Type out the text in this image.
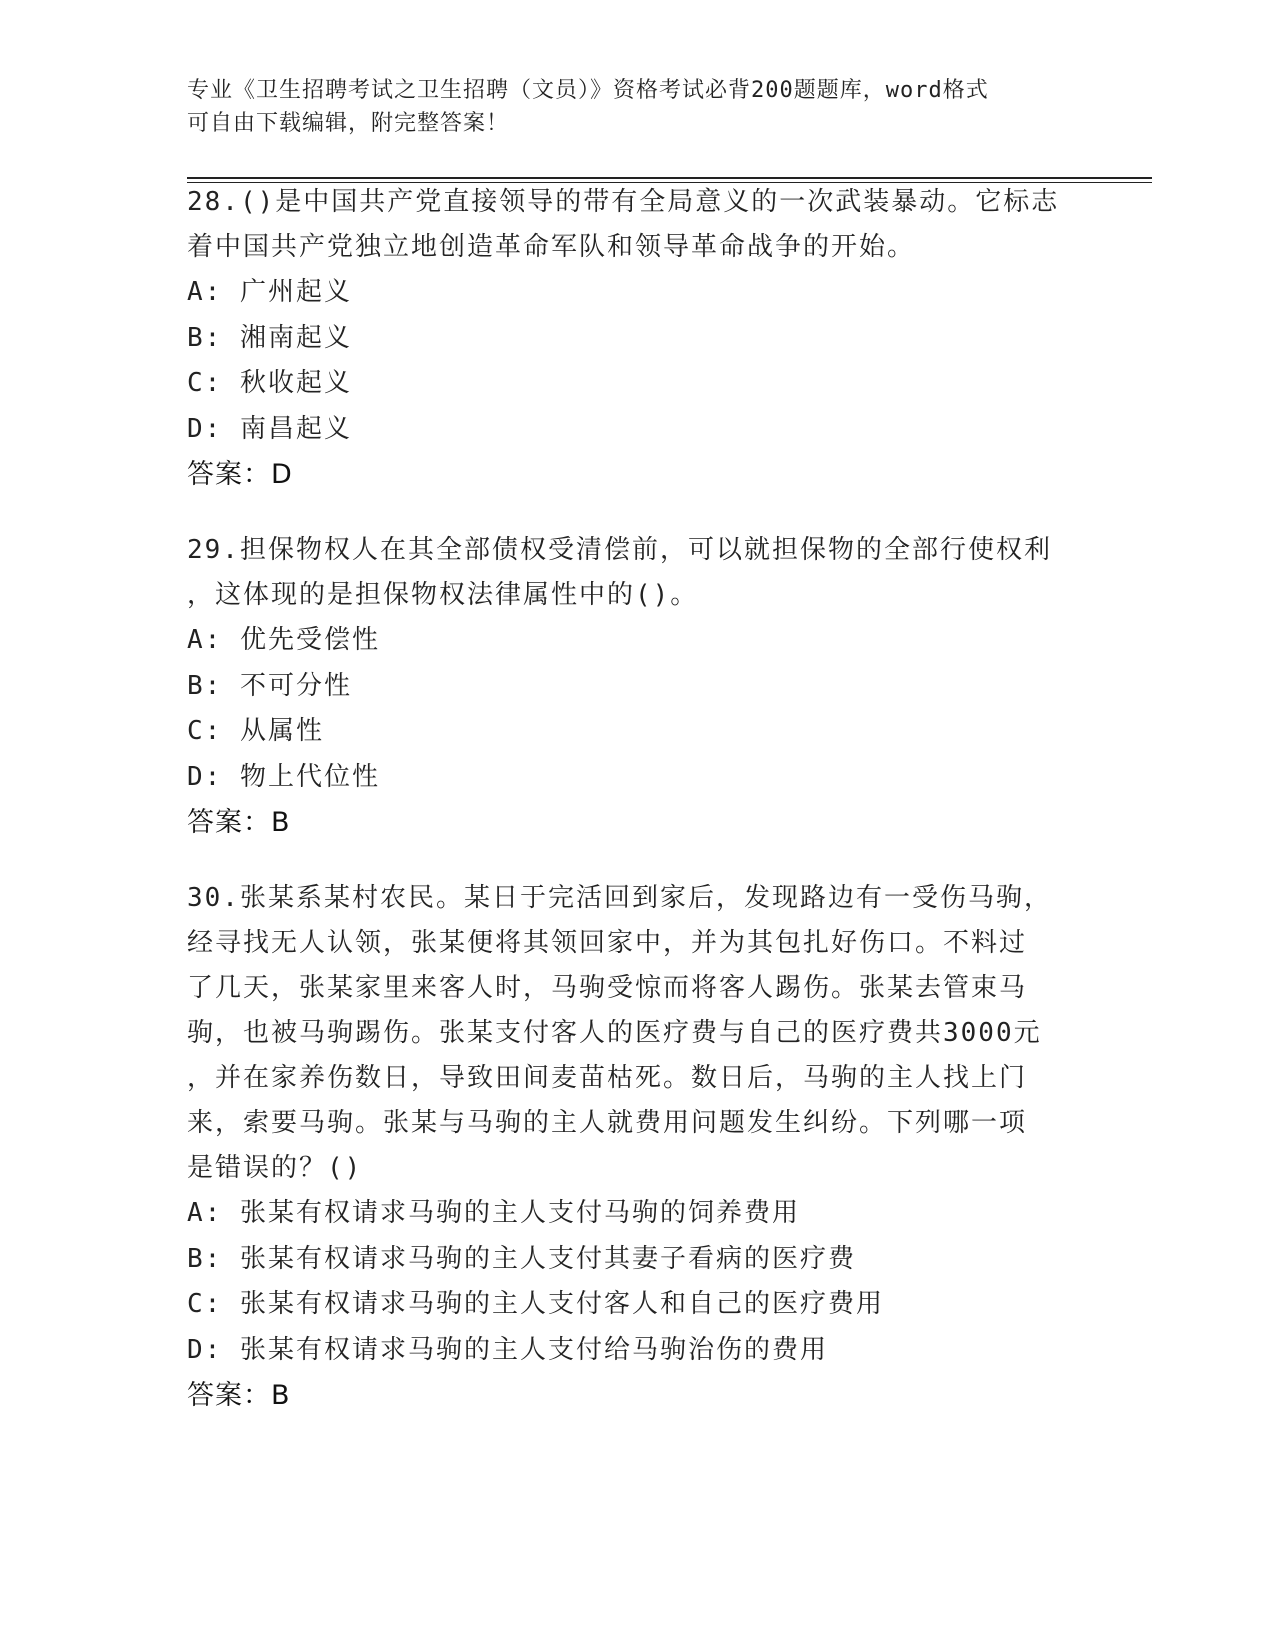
专业《卫生招聘考试之卫生招聘（文员）》资格考试必背200题题库，word格式
可自由下载编辑，附完整答案！

28.()是中国共产党直接领导的带有全局意义的一次武装暴动。它标志

着中国共产党独立地创造革命军队和领导革命战争的开始。

A: 广州起义

B: 湘南起义

C: 秋收起义

D: 南昌起义

答案：D

29.担保物权人在其全部债权受清偿前，可以就担保物的全部行使权利

，这体现的是担保物权法律属性中的()。

A: 优先受偿性

B: 不可分性

C: 从属性

D: 物上代位性

答案：B

30.张某系某村农民。某日于完活回到家后，发现路边有一受伤马驹，

经寻找无人认领，张某便将其领回家中，并为其包扎好伤口。不料过

了几天，张某家里来客人时，马驹受惊而将客人踢伤。张某去管束马

驹，也被马驹踢伤。张某支付客人的医疗费与自己的医疗费共3000元

，并在家养伤数日，导致田间麦苗枯死。数日后，马驹的主人找上门

来，索要马驹。张某与马驹的主人就费用问题发生纠纷。下列哪一项

是错误的？()

A: 张某有权请求马驹的主人支付马驹的饲养费用

B: 张某有权请求马驹的主人支付其妻子看病的医疗费

C: 张某有权请求马驹的主人支付客人和自己的医疗费用

D: 张某有权请求马驹的主人支付给马驹治伤的费用

答案：B
